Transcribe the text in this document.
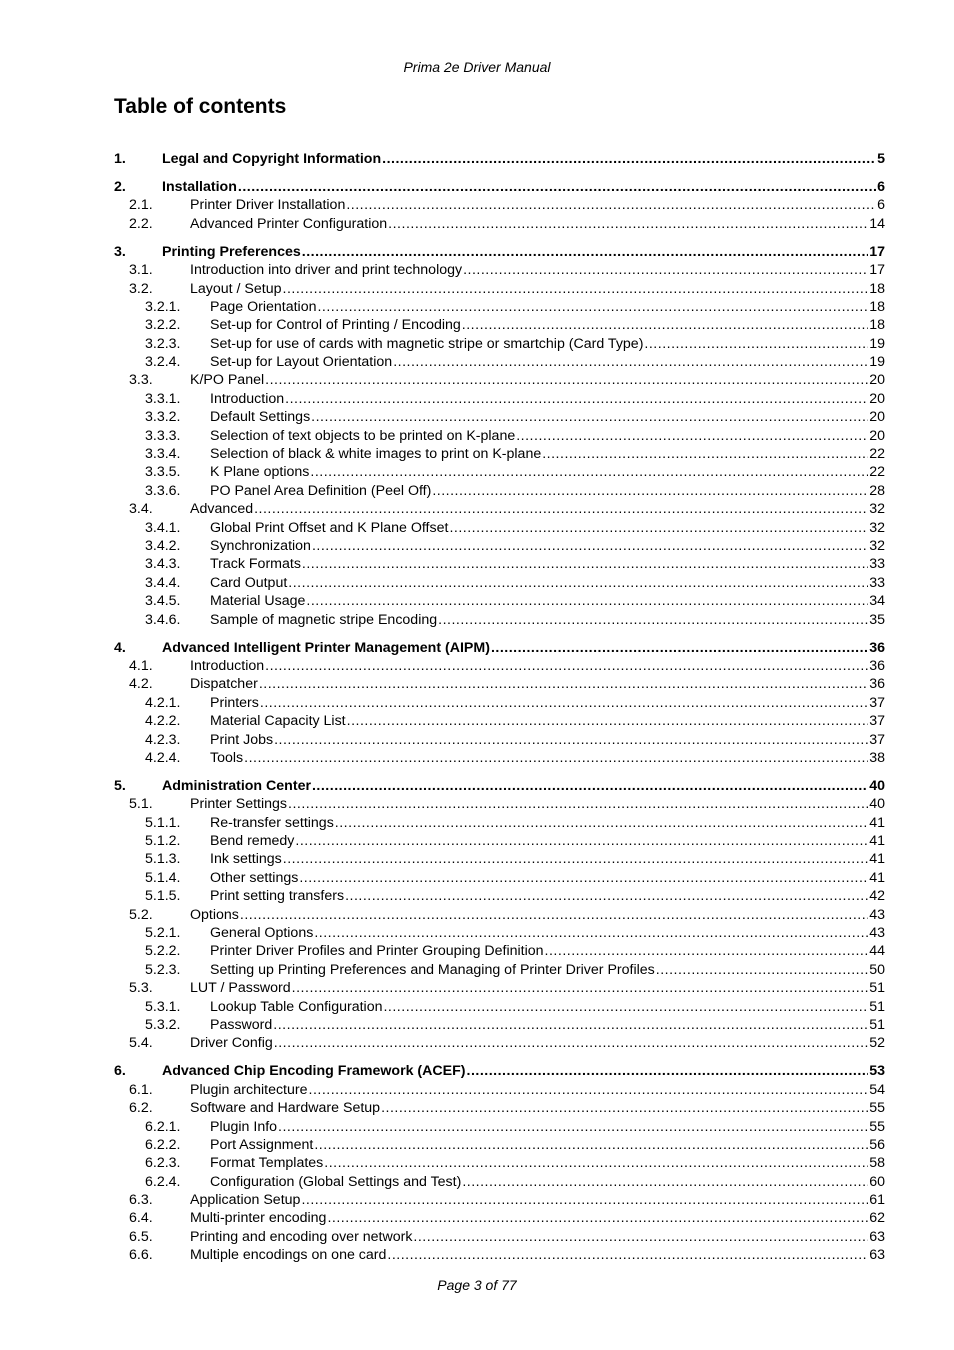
Prima 2e Driver Manual
Table of contents
1.	Legal and Copyright Information .....	5
2.	Installation .....	6
2.1.	Printer Driver Installation .....	6
2.2.	Advanced Printer Configuration .....	14
3.	Printing Preferences .....	17
3.1.	Introduction into driver and print technology .....	17
3.2.	Layout / Setup .....	18
3.2.1. Page Orientation .....	18
3.2.2. Set-up for Control of Printing / Encoding .....	18
3.2.3. Set-up for use of cards with magnetic stripe or smartchip (Card Type) .....	19
3.2.4. Set-up for Layout Orientation .....	19
3.3.	K/PO Panel .....	20
3.3.1. Introduction .....	20
3.3.2. Default Settings .....	20
3.3.3. Selection of text objects to be printed on K-plane .....	20
3.3.4. Selection of black & white images to print on K-plane .....	22
3.3.5. K Plane options .....	22
3.3.6. PO Panel Area Definition (Peel Off) .....	28
3.4.	Advanced .....	32
3.4.1. Global Print Offset and K Plane Offset .....	32
3.4.2. Synchronization .....	32
3.4.3. Track Formats .....	33
3.4.4. Card Output .....	33
3.4.5. Material Usage .....	34
3.4.6. Sample of magnetic stripe Encoding .....	35
4.	Advanced Intelligent Printer Management (AIPM) .....	36
4.1.	Introduction .....	36
4.2.	Dispatcher .....	36
4.2.1. Printers .....	37
4.2.2. Material Capacity List .....	37
4.2.3. Print Jobs .....	37
4.2.4. Tools .....	38
5.	Administration Center .....	40
5.1.	Printer Settings .....	40
5.1.1. Re-transfer settings .....	41
5.1.2. Bend remedy .....	41
5.1.3. Ink settings .....	41
5.1.4. Other settings .....	41
5.1.5. Print setting transfers .....	42
5.2.	Options .....	43
5.2.1. General Options .....	43
5.2.2. Printer Driver Profiles and Printer Grouping Definition .....	44
5.2.3. Setting up Printing Preferences and Managing of Printer Driver Profiles .....	50
5.3.	LUT / Password .....	51
5.3.1. Lookup Table Configuration .....	51
5.3.2. Password .....	51
5.4.	Driver Config .....	52
6.	Advanced Chip Encoding Framework (ACEF) .....	53
6.1.	Plugin architecture .....	54
6.2.	Software and Hardware Setup .....	55
6.2.1. Plugin Info .....	55
6.2.2. Port Assignment .....	56
6.2.3. Format Templates .....	58
6.2.4. Configuration (Global Settings and Test) .....	60
6.3.	Application Setup .....	61
6.4.	Multi-printer encoding .....	62
6.5.	Printing and encoding over network .....	63
6.6.	Multiple encodings on one card .....	63
Page 3 of 77
